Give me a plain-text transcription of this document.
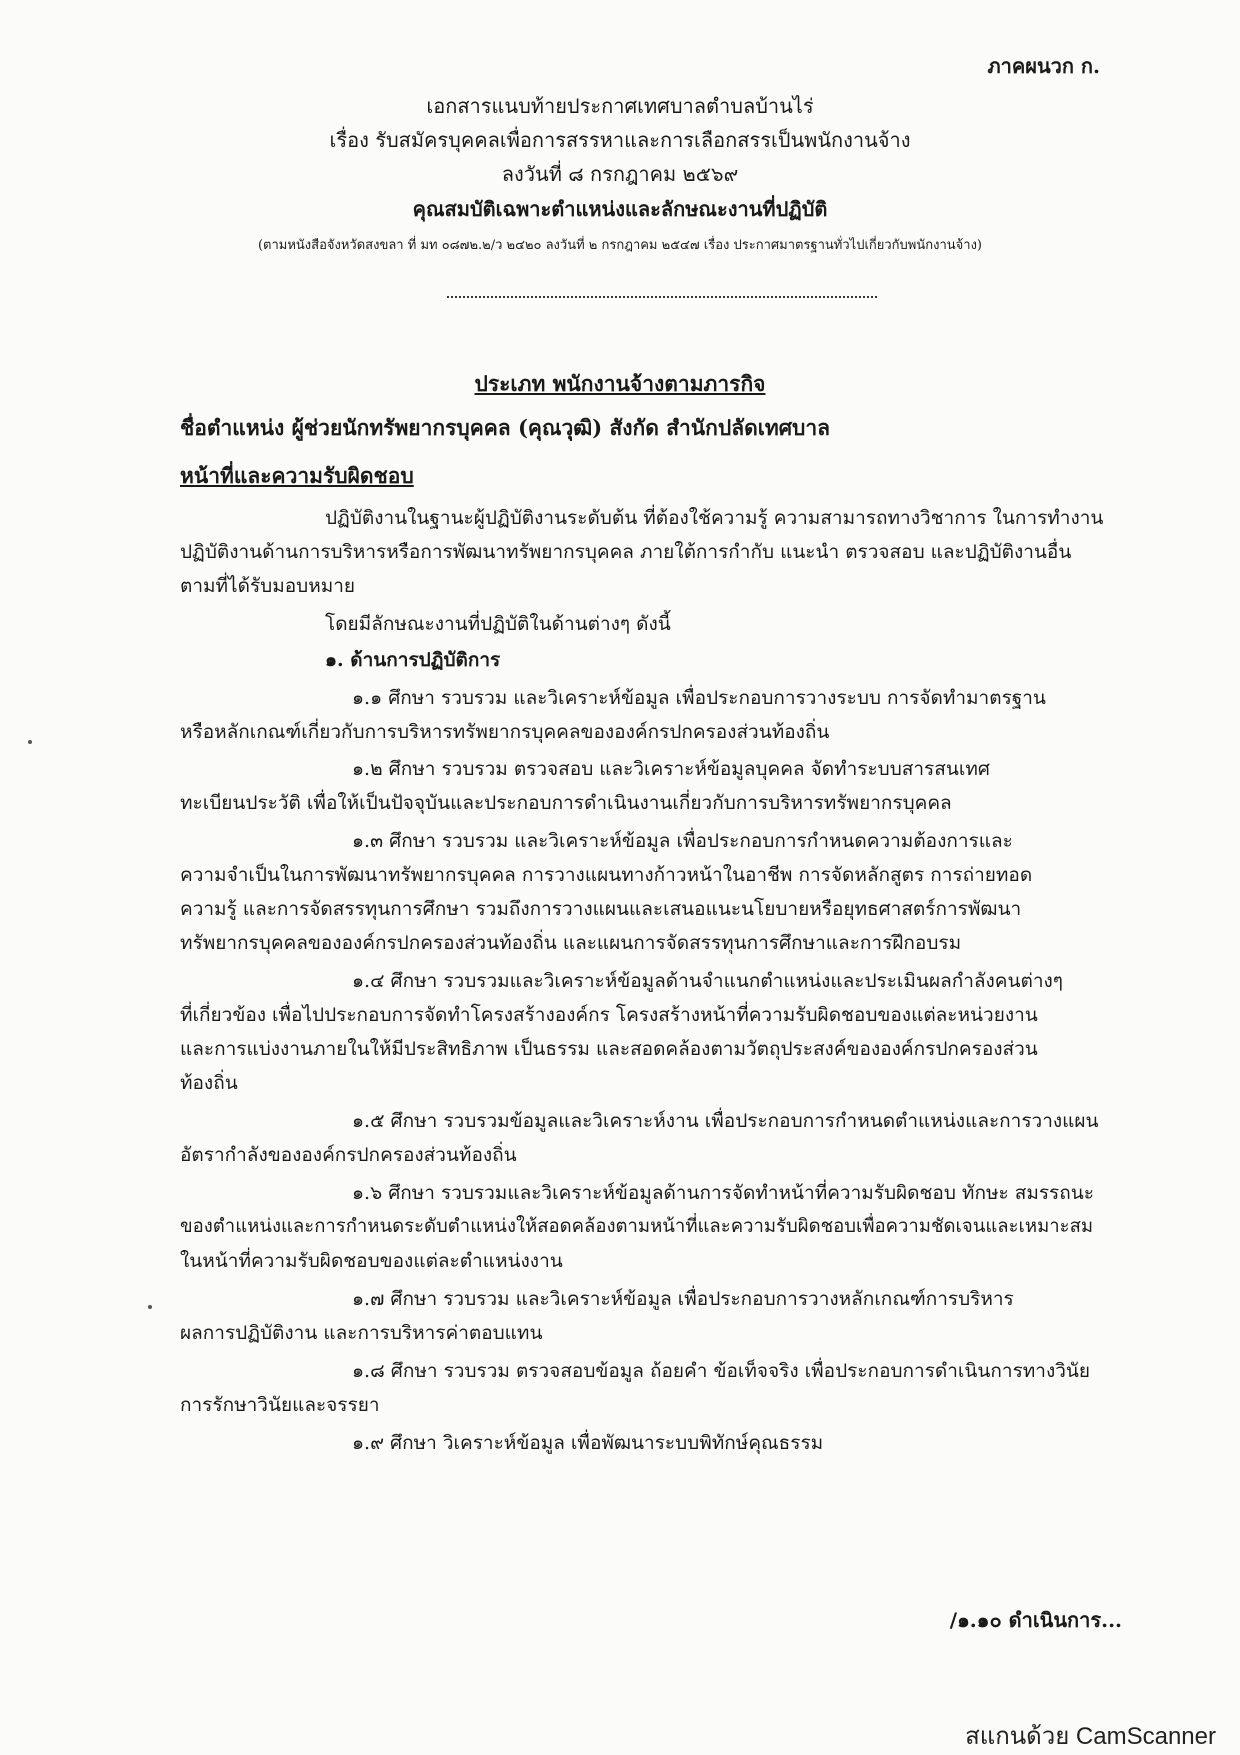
ภาคผนวก ก.
เอกสารแนบท้ายประกาศเทศบาลตำบลบ้านไร่
เรื่อง รับสมัครบุคคลเพื่อการสรรหาและการเลือกสรรเป็นพนักงานจ้าง
ลงวันที่ ๘ กรกฎาคม ๒๕๖๙
คุณสมบัติเฉพาะตำแหน่งและลักษณะงานที่ปฏิบัติ
(ตามหนังสือจังหวัดสงขลา ที่ มท ๐๘๗๒.๒/ว ๒๔๒๐ ลงวันที่ ๒ กรกฎาคม ๒๕๔๗ เรื่อง ประกาศมาตรฐานทั่วไปเกี่ยวกับพนักงานจ้าง)
ประเภท พนักงานจ้างตามภารกิจ
ชื่อตำแหน่ง ผู้ช่วยนักทรัพยากรบุคคล (คุณวุฒิ) สังกัด สำนักปลัดเทศบาล
หน้าที่และความรับผิดชอบ
ปฏิบัติงานในฐานะผู้ปฏิบัติงานระดับต้น ที่ต้องใช้ความรู้ ความสามารถทางวิชาการ ในการทำงาน
ปฏิบัติงานด้านการบริหารหรือการพัฒนาทรัพยากรบุคคล ภายใต้การกำกับ แนะนำ ตรวจสอบ และปฏิบัติงานอื่น
ตามที่ได้รับมอบหมาย
โดยมีลักษณะงานที่ปฏิบัติในด้านต่างๆ ดังนี้
๑. ด้านการปฏิบัติการ
๑.๑ ศึกษา รวบรวม และวิเคราะห์ข้อมูล เพื่อประกอบการวางระบบ การจัดทำมาตรฐาน
หรือหลักเกณฑ์เกี่ยวกับการบริหารทรัพยากรบุคคลขององค์กรปกครองส่วนท้องถิ่น
๑.๒ ศึกษา รวบรวม ตรวจสอบ และวิเคราะห์ข้อมูลบุคคล จัดทำระบบสารสนเทศ
ทะเบียนประวัติ เพื่อให้เป็นปัจจุบันและประกอบการดำเนินงานเกี่ยวกับการบริหารทรัพยากรบุคคล
๑.๓ ศึกษา รวบรวม และวิเคราะห์ข้อมูล เพื่อประกอบการกำหนดความต้องการและ
ความจำเป็นในการพัฒนาทรัพยากรบุคคล การวางแผนทางก้าวหน้าในอาชีพ การจัดหลักสูตร การถ่ายทอด
ความรู้ และการจัดสรรทุนการศึกษา รวมถึงการวางแผนและเสนอแนะนโยบายหรือยุทธศาสตร์การพัฒนา
ทรัพยากรบุคคลขององค์กรปกครองส่วนท้องถิ่น และแผนการจัดสรรทุนการศึกษาและการฝึกอบรม
๑.๔ ศึกษา รวบรวมและวิเคราะห์ข้อมูลด้านจำแนกตำแหน่งและประเมินผลกำลังคนต่างๆ
ที่เกี่ยวข้อง เพื่อไปประกอบการจัดทำโครงสร้างองค์กร โครงสร้างหน้าที่ความรับผิดชอบของแต่ละหน่วยงาน
และการแบ่งงานภายในให้มีประสิทธิภาพ เป็นธรรม และสอดคล้องตามวัตถุประสงค์ขององค์กรปกครองส่วน
ท้องถิ่น
๑.๕ ศึกษา รวบรวมข้อมูลและวิเคราะห์งาน เพื่อประกอบการกำหนดตำแหน่งและการวางแผน
อัตรากำลังขององค์กรปกครองส่วนท้องถิ่น
๑.๖ ศึกษา รวบรวมและวิเคราะห์ข้อมูลด้านการจัดทำหน้าที่ความรับผิดชอบ ทักษะ สมรรถนะ
ของตำแหน่งและการกำหนดระดับตำแหน่งให้สอดคล้องตามหน้าที่และความรับผิดชอบเพื่อความชัดเจนและเหมาะสม
ในหน้าที่ความรับผิดชอบของแต่ละตำแหน่งงาน
๑.๗ ศึกษา รวบรวม และวิเคราะห์ข้อมูล เพื่อประกอบการวางหลักเกณฑ์การบริหาร
ผลการปฏิบัติงาน และการบริหารค่าตอบแทน
๑.๘ ศึกษา รวบรวม ตรวจสอบข้อมูล ถ้อยคำ ข้อเท็จจริง เพื่อประกอบการดำเนินการทางวินัย
การรักษาวินัยและจรรยา
๑.๙ ศึกษา วิเคราะห์ข้อมูล เพื่อพัฒนาระบบพิทักษ์คุณธรรม
/๑.๑๐ ดำเนินการ...
สแกนด้วย CamScanner
